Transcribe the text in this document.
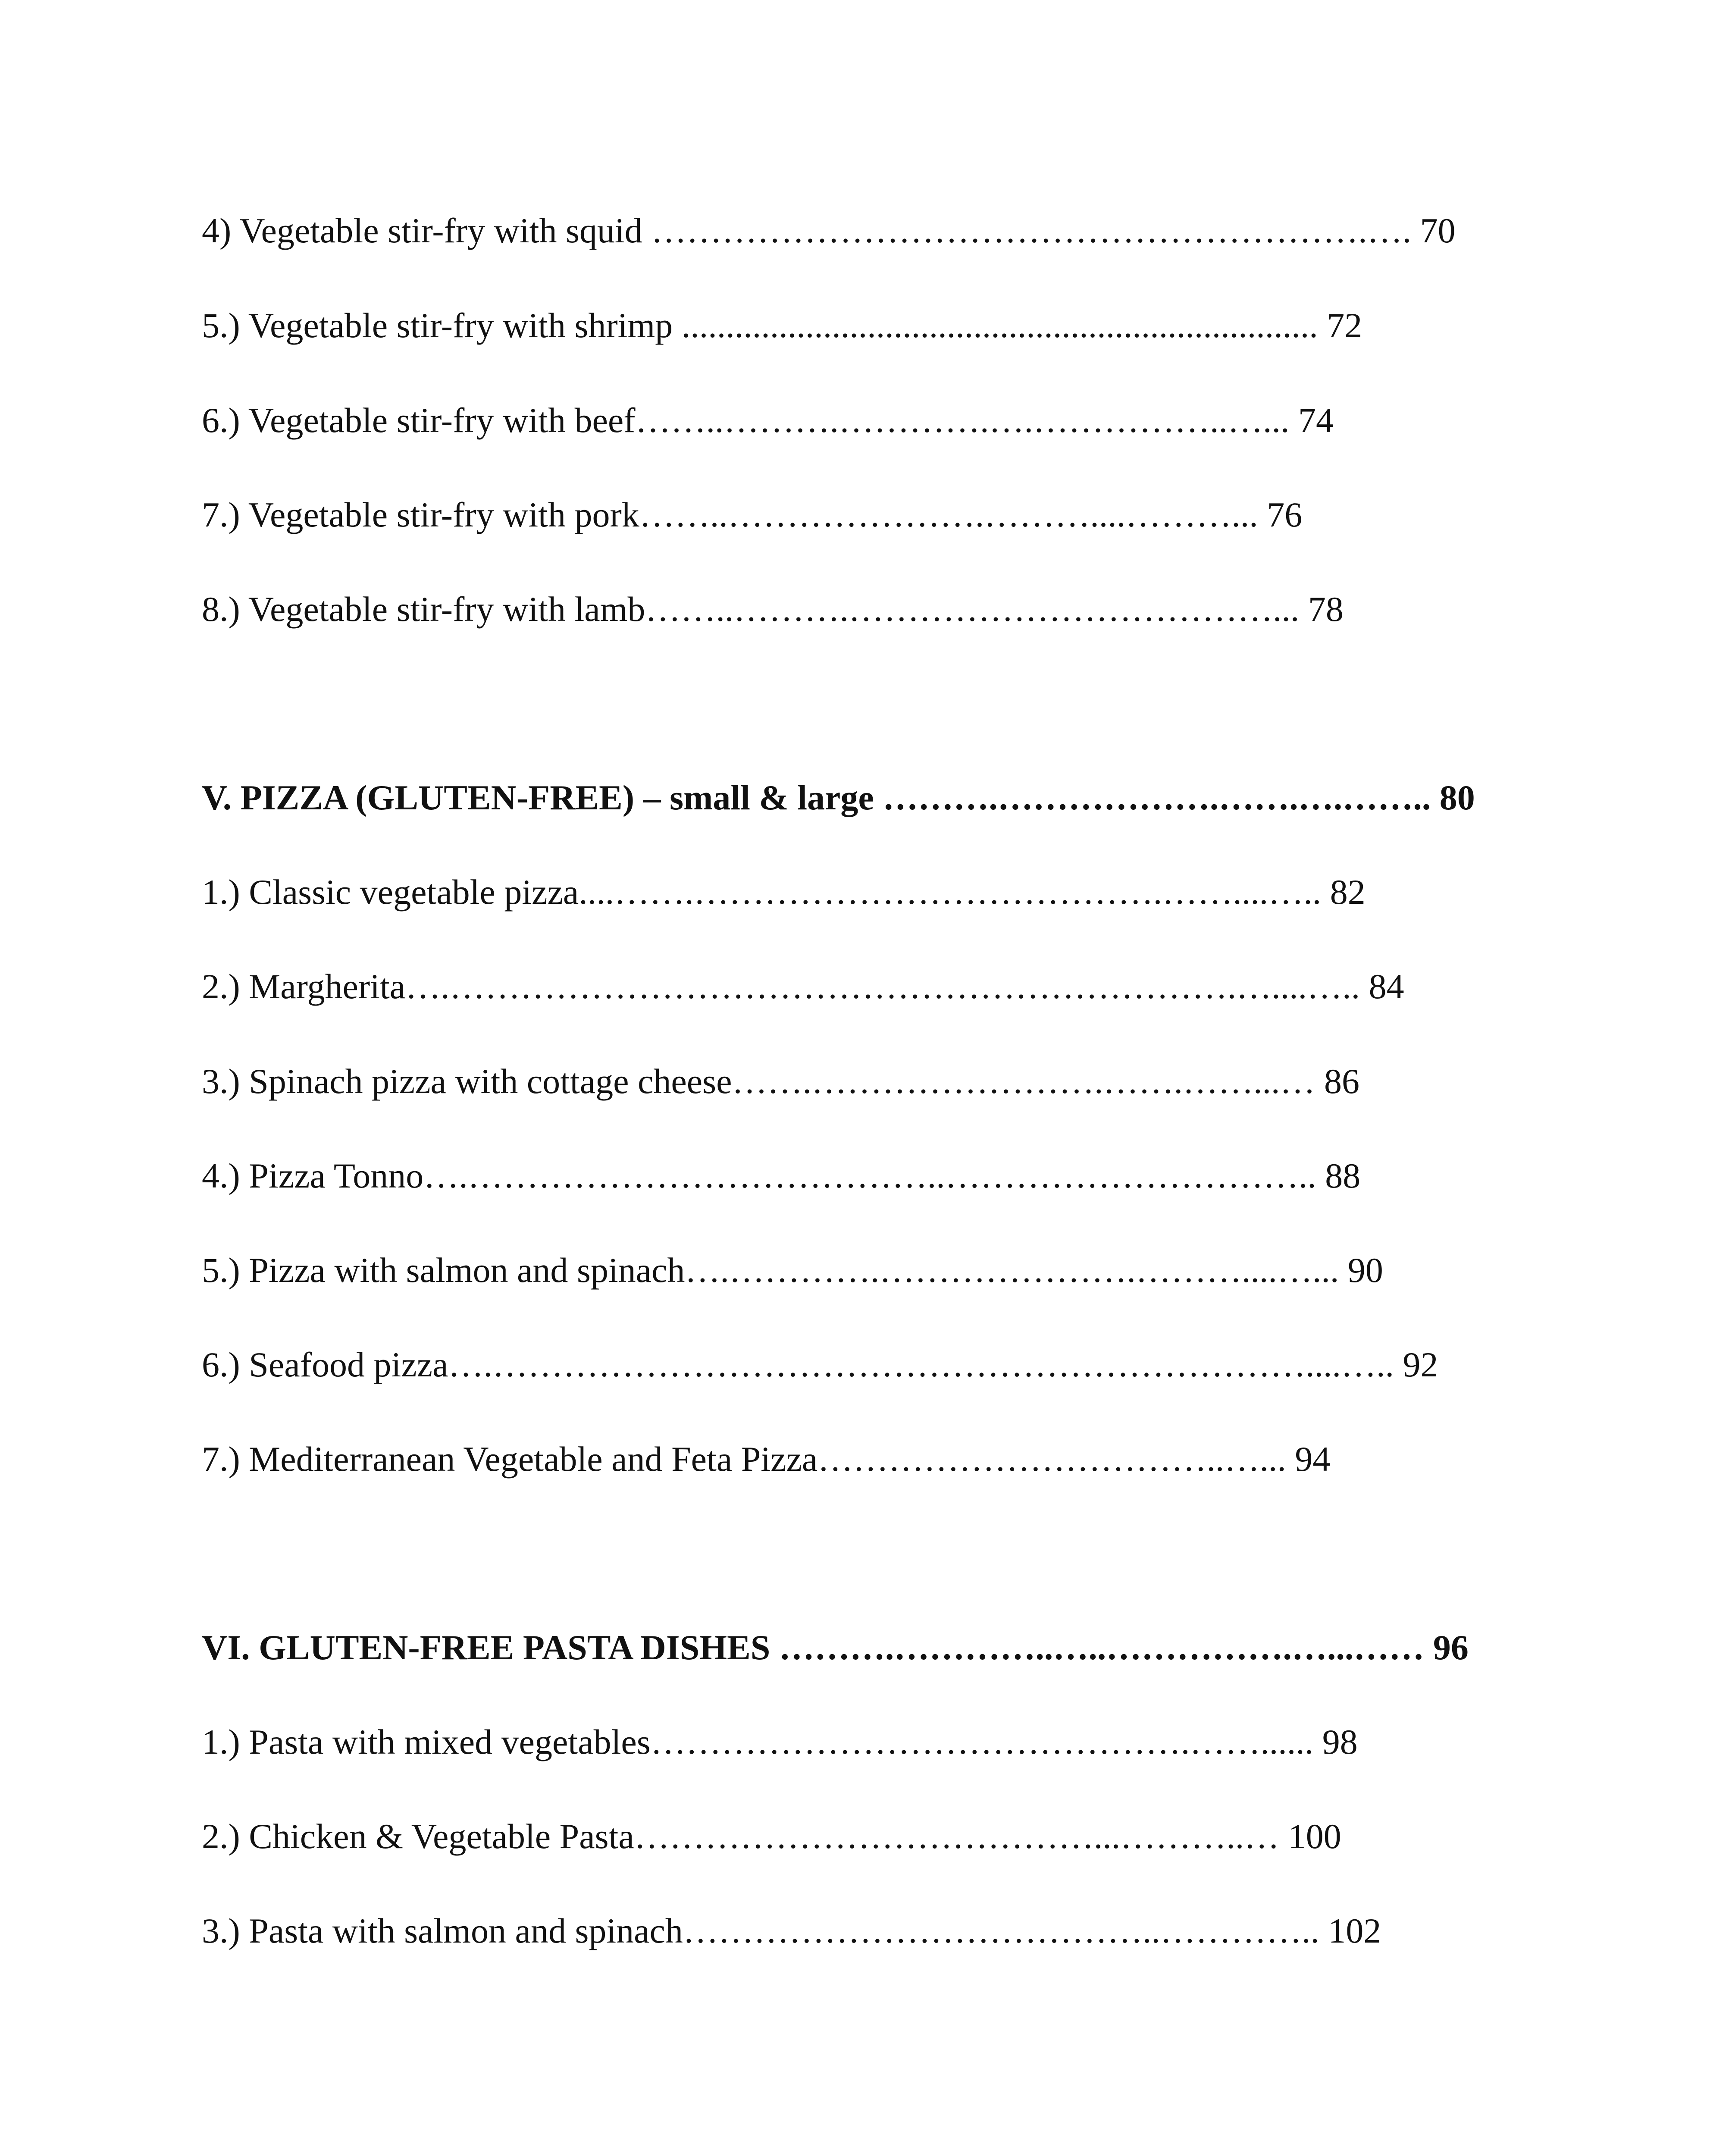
4) Vegetable stir-fry with squid …………………………………………………….…. 70
5.) Vegetable stir-fry with shrimp ........................................................................ 72
6.) Vegetable stir-fry with beef……..……….………….….……………..…... 74
7.) Vegetable stir-fry with pork……..………………….………....………... 76
8.) Vegetable stir-fry with lamb……..……….………………………………... 78
V. PIZZA (GLUTEN-FREE) – small & large ……….……………….…….….…….. 80
1.) Classic vegetable pizza....…….………………………………….……....….. 82
2.) Margherita….………………………………………………………….…....….. 84
3.) Spinach pizza with cottage cheese…….…………………….…….……...… 86
4.) Pizza Tonno….…………………………………..………………………….. 88
5.) Pizza with salmon and spinach….………….………………….………....…... 90
6.) Seafood pizza….……………………………………………………………....….. 92
7.) Mediterranean Vegetable and Feta Pizza……………………………..…... 94
VI. GLUTEN-FREE PASTA DISHES ……….…………..…..…………….…...…… 96
1.) Pasta with mixed vegetables……………………………………….……...... 98
2.) Chicken & Vegetable Pasta…………………………………...………..… 100
3.) Pasta with salmon and spinach…………………………………..………….. 102
